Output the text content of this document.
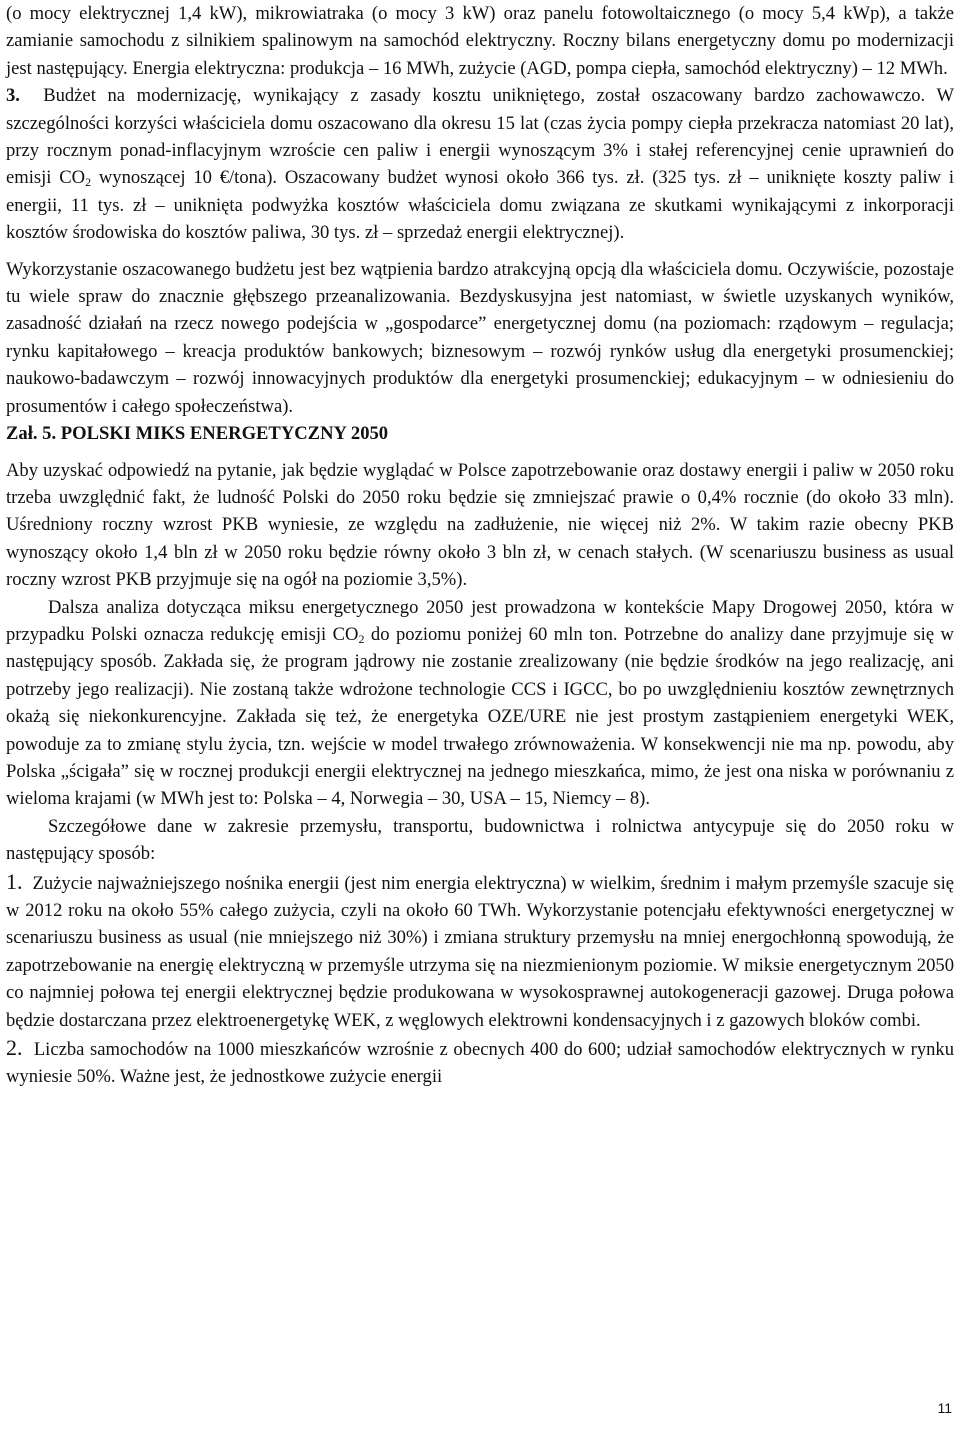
(o mocy elektrycznej 1,4 kW), mikrowiatraka (o mocy 3 kW) oraz panelu fotowoltaicznego (o mocy 5,4 kWp), a także zamianie samochodu z silnikiem spalinowym na samochód elektryczny. Roczny bilans energetyczny domu po modernizacji jest następujący. Energia elektryczna: produkcja – 16 MWh, zużycie (AGD, pompa ciepła, samochód elektryczny) – 12 MWh.

3. Budżet na modernizację, wynikający z zasady kosztu unikniętego, został oszacowany bardzo zachowawczo. W szczególności korzyści właściciela domu oszacowano dla okresu 15 lat (czas życia pompy ciepła przekracza natomiast 20 lat), przy rocznym ponad-inflacyjnym wzroście cen paliw i energii wynoszącym 3% i stałej referencyjnej cenie uprawnień do emisji $CO_2$ wynoszącej 10 €/tona). Oszacowany budżet wynosi około 366 tys. zł. (325 tys. zł – uniknięte koszty paliw i energii, 11 tys. zł – uniknięta podwyżka kosztów właściciela domu związana ze skutkami wynikającymi z inkorporacji kosztów środowiska do kosztów paliwa, 30 tys. zł – sprzedaż energii elektrycznej).

Wykorzystanie oszacowanego budżetu jest bez wątpienia bardzo atrakcyjną opcją dla właściciela domu. Oczywiście, pozostaje tu wiele spraw do znacznie głębszego przeanalizowania. Bezdyskusyjna jest natomiast, w świetle uzyskanych wyników, zasadność działań na rzecz nowego podejścia w „gospodarce” energetycznej domu (na poziomach: rządowym – regulacja; rynku kapitałowego – kreacja produktów bankowych; biznesowym – rozwój rynków usług dla energetyki prosumenckiej; naukowo-badawczym – rozwój innowacyjnych produktów dla energetyki prosumenckiej; edukacyjnym – w odniesieniu do prosumentów i całego społeczeństwa).

Zał. 5. POLSKI MIKS ENERGETYCZNY 2050

Aby uzyskać odpowiedź na pytanie, jak będzie wyglądać w Polsce zapotrzebowanie oraz dostawy energii i paliw w 2050 roku trzeba uwzględnić fakt, że ludność Polski do 2050 roku będzie się zmniejszać prawie o 0,4% rocznie (do około 33 mln). Uśredniony roczny wzrost PKB wyniesie, ze względu na zadłużenie, nie więcej niż 2%. W takim razie obecny PKB wynoszący około 1,4 bln zł w 2050 roku będzie równy około 3 bln zł, w cenach stałych. (W scenariuszu business as usual roczny wzrost PKB przyjmuje się na ogół na poziomie 3,5%).

Dalsza analiza dotycząca miksu energetycznego 2050 jest prowadzona w kontekście Mapy Drogowej 2050, która w przypadku Polski oznacza redukcję emisji $CO_2$ do poziomu poniżej 60 mln ton. Potrzebne do analizy dane przyjmuje się w następujący sposób. Zakłada się, że program jądrowy nie zostanie zrealizowany (nie będzie środków na jego realizację, ani potrzeby jego realizacji). Nie zostaną także wdrożone technologie CCS i IGCC, bo po uwzględnieniu kosztów zewnętrznych okażą się niekonkurencyjne. Zakłada się też, że energetyka OZE/URE nie jest prostym zastąpieniem energetyki WEK, powoduje za to zmianę stylu życia, tzn. wejście w model trwałego zrównoważenia. W konsekwencji nie ma np. powodu, aby Polska „ścigała” się w rocznej produkcji energii elektrycznej na jednego mieszkańca, mimo, że jest ona niska w porównaniu z wieloma krajami (w MWh jest to: Polska – 4, Norwegia – 30, USA – 15, Niemcy – 8).

Szczegółowe dane w zakresie przemysłu, transportu, budownictwa i rolnictwa antycypuje się do 2050 roku w następujący sposób:

1. Zużycie najważniejszego nośnika energii (jest nim energia elektryczna) w wielkim, średnim i małym przemyśle szacuje się w 2012 roku na około 55% całego zużycia, czyli na około 60 TWh. Wykorzystanie potencjału efektywności energetycznej w scenariuszu business as usual (nie mniejszego niż 30%) i zmiana struktury przemysłu na mniej energochłonną spowodują, że zapotrzebowanie na energię elektryczną w przemyśle utrzyma się na niezmienionym poziomie. W miksie energetycznym 2050 co najmniej połowa tej energii elektrycznej będzie produkowana w wysokosprawnej autokogeneracji gazowej. Druga połowa będzie dostarczana przez elektroenergetykę WEK, z węglowych elektrowni kondensacyjnych i z gazowych bloków combi.

2. Liczba samochodów na 1000 mieszkańców wzrośnie z obecnych 400 do 600; udział samochodów elektrycznych w rynku wyniesie 50%. Ważne jest, że jednostkowe zużycie energii

11
